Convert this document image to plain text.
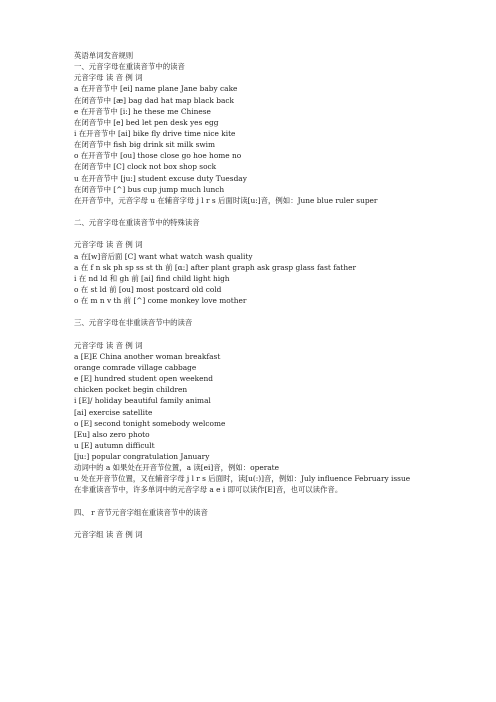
英语单词发音规则
一、元音字母在重读音节中的读音
元音字母 读 音 例 词
a 在开音节中 [ei] name plane Jane baby cake
在闭音节中 [æ] bag dad hat map black back
e 在开音节中 [i:] he these me Chinese
在闭音节中 [e] bed let pen desk yes egg
i 在开音节中 [ai] bike fly drive time nice kite
在闭音节中 fish big drink sit milk swim
o 在开音节中 [ou] those close go hoe home no
在闭音节中 [C] clock not box shop sock
u 在开音节中 [ju:] student excuse duty Tuesday
在闭音节中 [^] bus cup jump much lunch
在开音节中，元音字母 u 在辅音字母 j l r s 后面时读[u:]音，例如：June blue ruler super
二、元音字母在重读音节中的特殊读音
元音字母 读 音 例 词
a 在[w]音后面 [C] want what watch wash quality
a 在 f n sk ph sp ss st th 前 [α:] after plant graph ask grasp glass fast father
i 在 nd ld 和 gh 前 [ai] find child light high
o 在 st ld 前 [ou] most postcard old cold
o 在 m n v th 前 [^] come monkey love mother
三、元音字母在非重读音节中的读音
元音字母 读 音 例 词
a [E]E China another woman breakfast
orange comrade village cabbage
e [E] hundred student open weekend
chicken pocket begin children
i [E]/ holiday beautiful family animal
[ai] exercise satellite
o [E] second tonight somebody welcome
[Eu] also zero photo
u [E] autumn difficult
[ju:] popular congratulation January
动词中的 a 如果处在开音节位置，a 读[ei]音，例如：operate
u 处在开音节位置，又在辅音字母 j l r s 后面时，读[u(:)]音，例如：July influence February issue
在非重读音节中，许多单词中的元音字母 a e i 即可以读作[E]音，也可以读作音。
四、 r 音节元音字组在重读音节中的读音
元音字组 读 音 例 词
